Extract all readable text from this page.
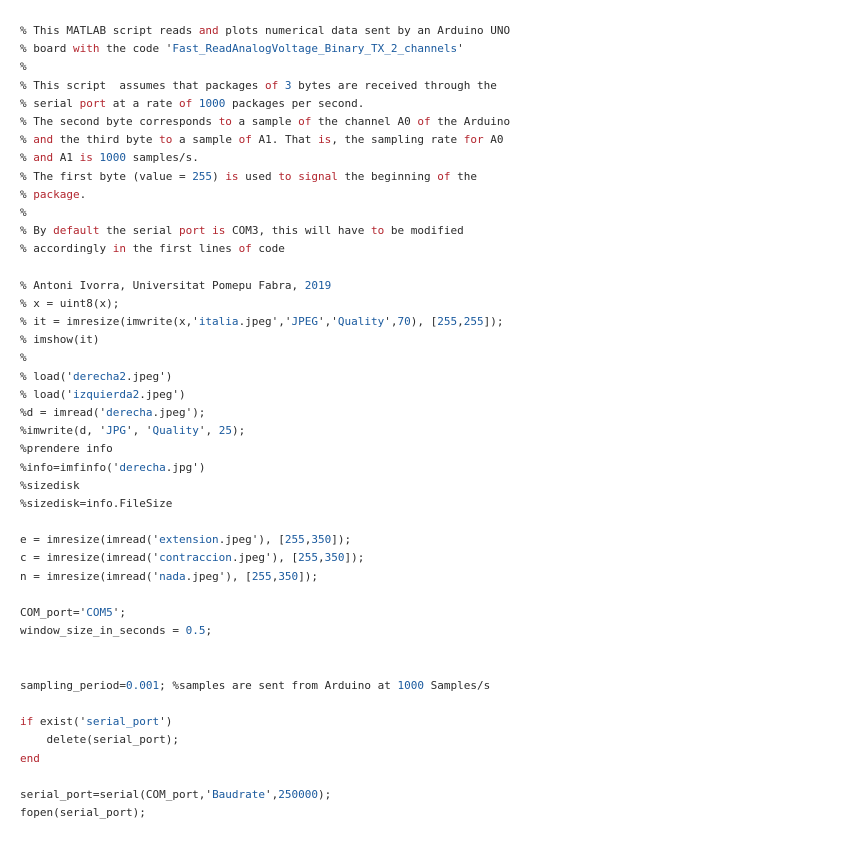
% This MATLAB script reads and plots numerical data sent by an Arduino UNO
% board with the code 'Fast_ReadAnalogVoltage_Binary_TX_2_channels'
%
% This script  assumes that packages of 3 bytes are received through the
% serial port at a rate of 1000 packages per second.
% The second byte corresponds to a sample of the channel A0 of the Arduino
% and the third byte to a sample of A1. That is, the sampling rate for A0
% and A1 is 1000 samples/s.
% The first byte (value = 255) is used to signal the beginning of the
% package.
%
% By default the serial port is COM3, this will have to be modified
% accordingly in the first lines of code
% Antoni Ivorra, Universitat Pomepu Fabra, 2019
% x = uint8(x);
% it = imresize(imwrite(x,'italia.jpeg','JPEG','Quality',70), [255,255]);
% imshow(it)
%
% load('derecha2.jpeg')
% load('izquierda2.jpeg')
%d = imread('derecha.jpeg');
%imwrite(d, 'JPG', 'Quality', 25);
%prendere info
%info=imfinfo('derecha.jpg')
%sizedisk
%sizedisk=info.FileSize
e = imresize(imread('extension.jpeg'), [255,350]);
c = imresize(imread('contraccion.jpeg'), [255,350]);
n = imresize(imread('nada.jpeg'), [255,350]);
COM_port='COM5';
window_size_in_seconds = 0.5;
sampling_period=0.001; %samples are sent from Arduino at 1000 Samples/s
if exist('serial_port')
delete(serial_port);
end
serial_port=serial(COM_port,'Baudrate',250000);
fopen(serial_port);
